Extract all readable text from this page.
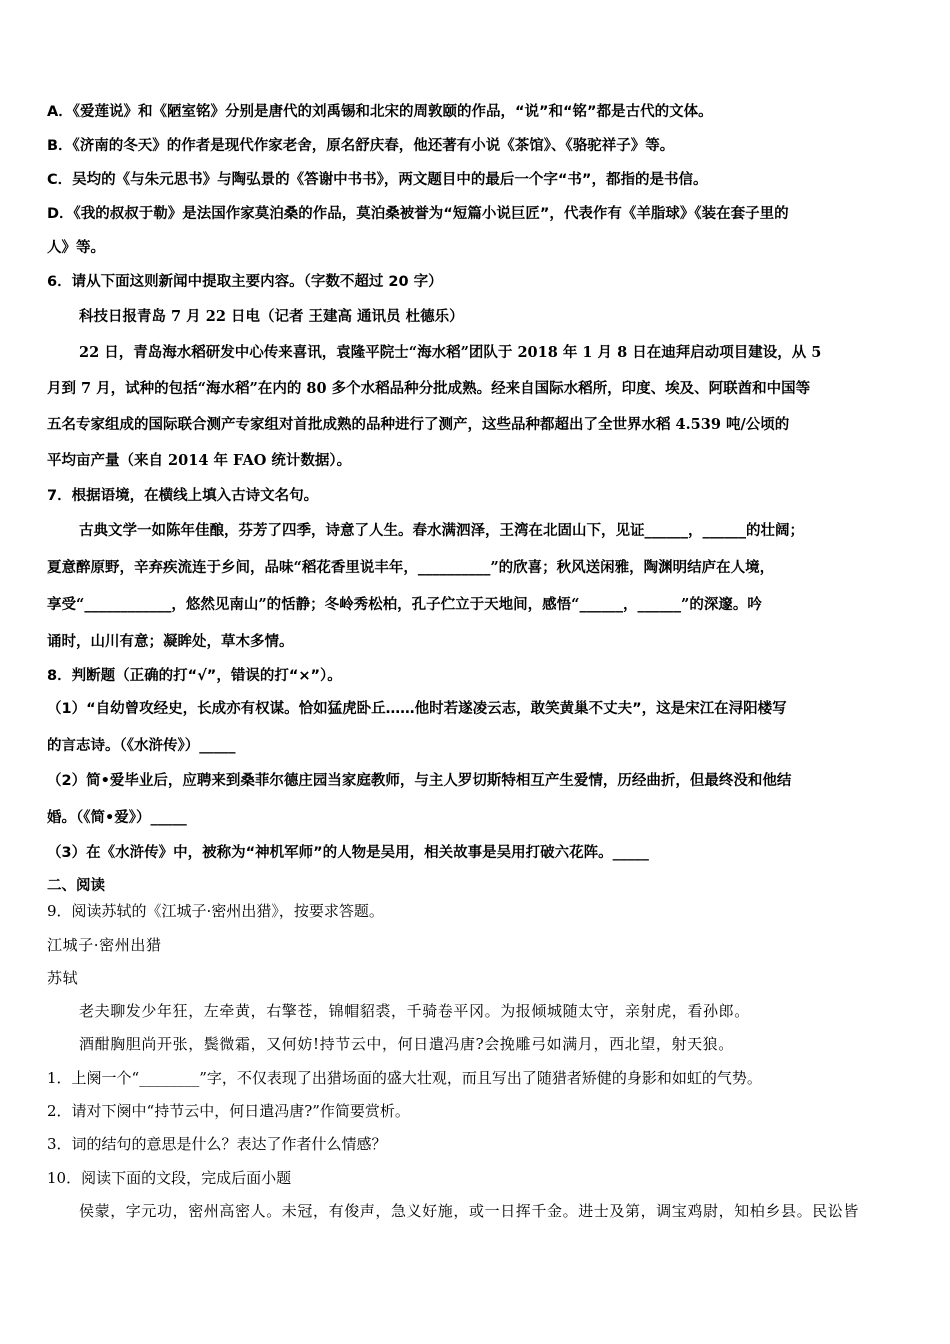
A．《爱莲说》和《陋室铭》分别是唐代的刘禹锡和北宋的周敦颐的作品，“说”和“铭”都是古代的文体。
B．《济南的冬天》的作者是现代作家老舍，原名舒庆春，他还著有小说《茶馆》、《骆驼祥子》等。
C．吴均的《与朱元思书》与陶弘景的《答谢中书书》，两文题目中的最后一个字“书”，都指的是书信。
D．《我的叔叔于勒》是法国作家莫泊桑的作品，莫泊桑被誉为“短篇小说巨匠”，代表作有《羊脂球》《装在套子里的
人》等。
6．请从下面这则新闻中提取主要内容。（字数不超过 20 字）
科技日报青岛 7 月 22 日电（记者 王建高 通讯员 杜德乐）
22 日，青岛海水稻研发中心传来喜讯，袁隆平院士“海水稻”团队于 2018 年 1 月 8 日在迪拜启动项目建设，从 5
月到 7 月，试种的包括“海水稻”在内的 80 多个水稻品种分批成熟。经来自国际水稻所，印度、埃及、阿联酋和中国等
五名专家组成的国际联合测产专家组对首批成熟的品种进行了测产，这些品种都超出了全世界水稻 4.539 吨/公顷的
平均亩产量（来自 2014 年 FAO 统计数据）。
7．根据语境，在横线上填入古诗文名句。
古典文学一如陈年佳酿，芬芳了四季，诗意了人生。春水满泗泽，王湾在北固山下，见证______，______的壮阔；
夏意醉原野，辛弃疾流连于乡间，品味“稻花香里说丰年，__________”的欣喜；秋风送闲雅，陶渊明结庐在人境，
享受“____________，悠然见南山”的恬静；冬岭秀松柏，孔子伫立于天地间，感悟“______，______”的深邃。吟
诵时，山川有意；凝眸处，草木多情。
8．判断题（正确的打“√”，错误的打“×”）。
（1）“自幼曾攻经史，长成亦有权谋。恰如猛虎卧丘……他时若遂凌云志，敢笑黄巢不丈夫”，这是宋江在浔阳楼写
的言志诗。（《水浒传》）_____
（2）简•爱毕业后，应聘来到桑菲尔德庄园当家庭教师，与主人罗切斯特相互产生爱情，历经曲折，但最终没和他结
婚。（《简•爱》）_____
（3）在《水浒传》中，被称为“神机军师”的人物是吴用，相关故事是吴用打破六花阵。_____
二、阅读
9．阅读苏轼的《江城子·密州出猎》，按要求答题。
江城子·密州出猎
苏轼
老夫聊发少年狂，左牵黄，右擎苍，锦帽貂裘，千骑卷平冈。为报倾城随太守，亲射虎，看孙郎。
酒酣胸胆尚开张，鬓微霜，又何妨!持节云中，何日遣冯唐?会挽雕弓如满月，西北望，射天狼。
1．上阕一个“________”字，不仅表现了出猎场面的盛大壮观，而且写出了随猎者矫健的身影和如虹的气势。
2．请对下阕中“持节云中，何日遣冯唐?”作简要赏析。
3．词的结句的意思是什么？表达了作者什么情感？
10．阅读下面的文段，完成后面小题
侯蒙，字元功，密州高密人。未冠，有俊声，急义好施，或一日挥千金。进士及第，调宝鸡尉，知柏乡县。民讼皆
